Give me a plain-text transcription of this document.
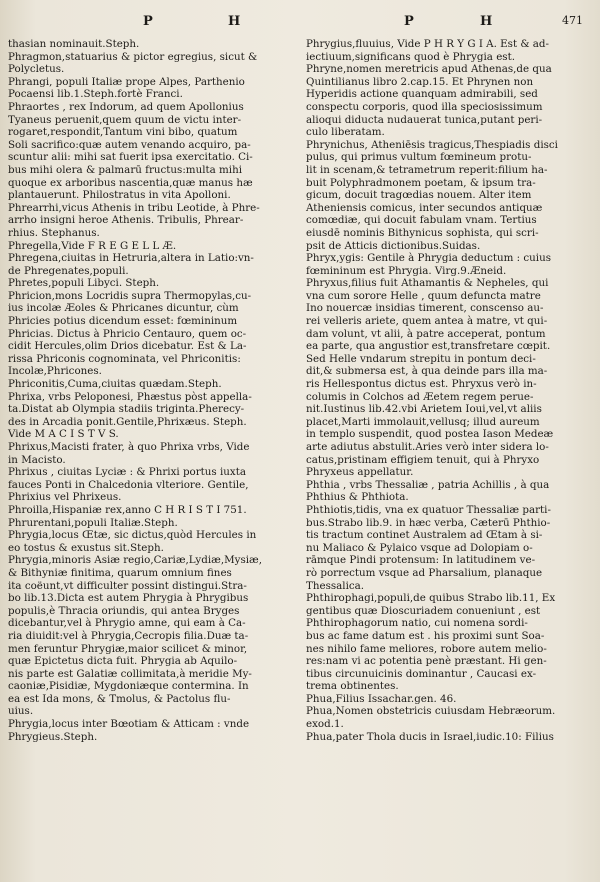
P	H	P	H	471

thasian nominauit.Steph.

Phragmon,statuarius & pictor egregius, sicut &
Polycletus.

Phrangi, populi Italiæ prope Alpes, Parthenio
Pocaensi lib.1.Steph.fortè Franci.

Phraortes , rex Indorum, ad quem Apollonius
Tyaneus peruenit,quem quum de victu inter-
rogaret,respondit,Tantum vini bibo, quatum
Soli sacrifico:quæ autem venando acquiro, pa-
scuntur alii: mihi sat fuerit ipsa exercitatio. Ci-
bus mihi olera & palmarū fructus:multa mihi
quoque ex arboribus nascentia,quæ manus hæ
plantauerunt. Philostratus in vita Apolloni.

Phrearrhi,vicus Athenis in tribu Leotide, à Phre-
arrho insigni heroe Athenis. Tribulis, Phrear-
rhius. Stephanus.

Phregella,Vide F R E G E L L Æ.

Phregena,ciuitas in Hetruria,altera in Latio:vn-
de Phregenates,populi.

Phretes,populi Libyci. Steph.

Phricion,mons Locridis supra Thermopylas,cu-
ius incolæ Æoles & Phricanes dicuntur, cùm
Phricies potius dicendum esset: fœmininum
Phricias. Dictus à Phricio Centauro, quem oc-
cidit Hercules,olim Drios dicebatur. Est & La-
rissa Phriconis cognominata, vel Phriconitis:
Incolæ,Phricones.

Phriconitis,Cuma,ciuitas quædam.Steph.

Phrixa, vrbs Peloponesi, Phæstus pòst appella-
ta.Distat ab Olympia stadiis triginta.Pherecy-
des in Arcadia ponit.Gentile,Phrixæus. Steph.
Vide M A C I S T V S.

Phrixus,Macisti frater, à quo Phrixa vrbs, Vide
in Macisto.

Phrixus , ciuitas Lyciæ : & Phrixi portus iuxta
fauces Ponti in Chalcedonia vlteriore. Gentile,
Phrixius vel Phrixeus.

Phroilla,Hispaniæ rex,anno C H R I S T I 751.

Phrurentani,populi Italiæ.Steph.

Phrygia,locus Œtæ, sic dictus,quòd Hercules in
eo tostus & exustus sit.Steph.

Phrygia,minoris Asiæ regio,Cariæ,Lydiæ,Mysiæ,
& Bithyniæ finitima, quarum omnium fines
ita coëunt,vt difficulter possint distingui.Stra-
bo lib.13.Dicta est autem Phrygia à Phrygibus
populis,è Thracia oriundis, qui antea Bryges
dicebantur,vel à Phrygio amne, qui eam à Ca-
ria diuidit:vel à Phrygia,Cecropis filia.Duæ ta-
men feruntur Phrygiæ,maior scilicet & minor,
quæ Epictetus dicta fuit. Phrygia ab Aquilo-
nis parte est Galatiæ collimitata,à meridie My-
caoniæ,Pisidiæ, Mygdoniæque contermina. In
ea est Ida mons, & Tmolus, & Pactolus flu-
uius.

Phrygia,locus inter Bœotiam & Atticam : vnde
Phrygieus.Steph.

Phrygius,fluuius, Vide P H R Y G I A. Est & ad-
iectiuum,significans quod è Phrygia est.

Phryne,nomen meretricis apud Athenas,de qua
Quintilianus libro 2.cap.15. Et Phrynen non
Hyperidis actione quanquam admirabili, sed
conspectu corporis, quod illa speciosissimum
alioqui diducta nudauerat tunica,putant peri-
culo liberatam.

Phrynichus, Atheniēsis tragicus,Thespiadis disci
pulus, qui primus vultum fœmineum protu-
lit in scenam,& tetrametrum reperit:filium ha-
buit Polyphradmonem poetam, & ipsum tra-
gicum, docuit tragœdias nouem. Alter item
Atheniensis comicus, inter secundos antiquæ
comœdiæ, qui docuit fabulam vnam. Tertius
eiusdē nominis Bithynicus sophista, qui scri-
psit de Atticis dictionibus.Suidas.

Phryx,ygis: Gentile à Phrygia deductum : cuius
fœmininum est Phrygia. Virg.9.Æneid.

Phryxus,filius fuit Athamantis & Nepheles, qui
vna cum sorore Helle , quum defuncta matre
Ino nouercæ insidias timerent, conscenso au-
rei velleris ariete, quem antea à matre, vt qui-
dam volunt, vt alii, à patre acceperat, pontum
ea parte, qua angustior est,transfretare cœpit.
Sed Helle vndarum strepitu in pontum deci-
dit,& submersa est, à qua deinde pars illa ma-
ris Hellespontus dictus est. Phryxus verò in-
columis in Colchos ad Æetem regem perue-
nit.Iustinus lib.42.vbi Arietem Ioui,vel,vt aliis
placet,Marti immolauit,vellusq; illud aureum
in templo suspendit, quod postea Iason Medeæ
arte adiutus abstulit.Aries verò inter sidera lo-
catus,pristinam effigiem tenuit, qui à Phryxo
Phryxeus appellatur.

Phthia , vrbs Thessaliæ , patria Achillis , à qua
Phthius & Phthiota.

Phthiotis,tidis, vna ex quatuor Thessaliæ parti-
bus.Strabo lib.9. in hæc verba, Cæterū Phthio-
tis tractum continet Australem ad Œtam à si-
nu Maliaco & Pylaico vsque ad Dolopiam o-
rāmque Pindi protensum: In latitudinem ve-
rò porrectum vsque ad Pharsalium, planaque
Thessalica.

Phthirophagi,populi,de quibus Strabo lib.11, Ex
gentibus quæ Dioscuriadem conueniunt , est
Phthirophagorum natio, cui nomena sordi-
bus ac fame datum est . his proximi sunt Soa-
nes nihilo fame meliores, robore autem melio-
res:nam vi ac potentia penè præstant. Hi gen-
tibus circunuicinis dominantur , Caucasi ex-
trema obtinentes.

Phua,Filius Issachar.gen. 46.

Phua,Nomen obstetricis cuiusdam Hebræorum.
exod.1.

Phua,pater Thola ducis in Israel,iudic.10: Filius
